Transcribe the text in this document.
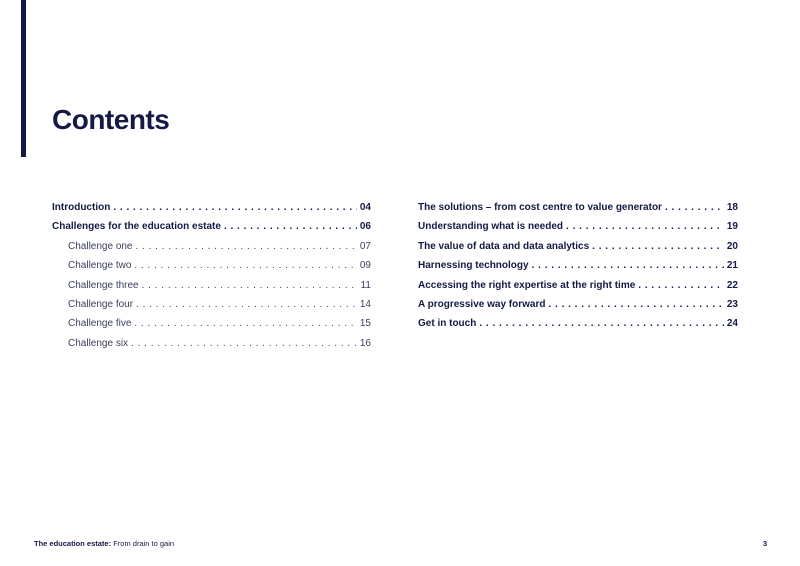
Contents
Introduction . . .	04
Challenges for the education estate . . .	06
Challenge one . . .	07
Challenge two . . .	09
Challenge three . . .	11
Challenge four . . .	14
Challenge five . . .	15
Challenge six . . .	16
The solutions – from cost centre to value generator . . .	18
Understanding what is needed . . .	19
The value of data and data analytics . . .	20
Harnessing technology . . .	21
Accessing the right expertise at the right time . . .	22
A progressive way forward . . .	23
Get in touch . . .	24
The education estate: From drain to gain	3
